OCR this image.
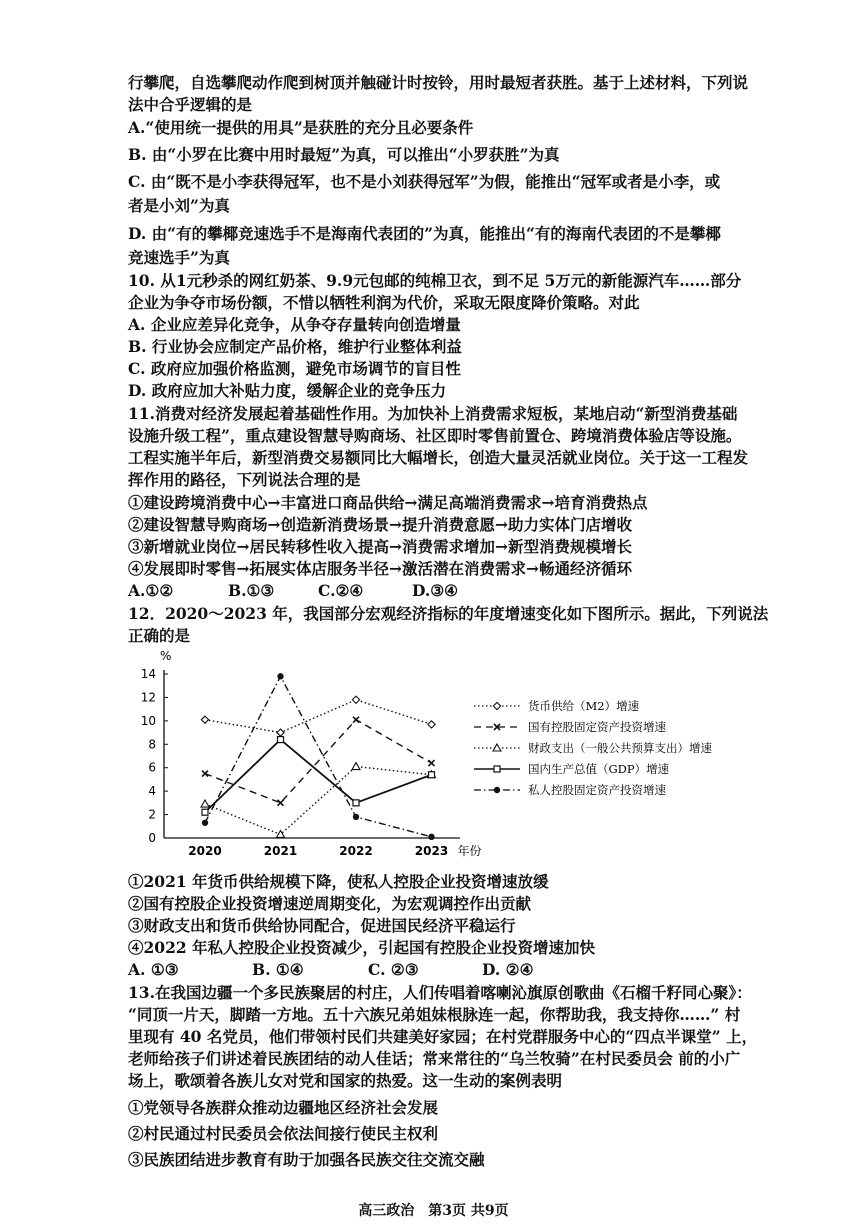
行攀爬，自选攀爬动作爬到树顶并触碰计时按铃，用时最短者获胜。基于上述材料，下列说
法中合乎逻辑的是
A.“使用统一提供的用具”是获胜的充分且必要条件
B. 由“小罗在比赛中用时最短”为真，可以推出“小罗获胜”为真
C. 由“既不是小李获得冠军，也不是小刘获得冠军”为假，能推出“冠军或者是小李，或
者是小刘”为真
D. 由“有的攀椰竞速选手不是海南代表团的”为真，能推出“有的海南代表团的不是攀椰
竞速选手”为真
10. 从1元秒杀的网红奶茶、9.9元包邮的纯棉卫衣，到不足 5万元的新能源汽车……部分
企业为争夺市场份额，不惜以牺牲利润为代价，采取无限度降价策略。对此
A. 企业应差异化竞争，从争夺存量转向创造增量
B. 行业协会应制定产品价格，维护行业整体利益
C. 政府应加强价格监测，避免市场调节的盲目性
D. 政府应加大补贴力度，缓解企业的竞争压力
11.消费对经济发展起着基础性作用。为加快补上消费需求短板，某地启动“新型消费基础
设施升级工程”，重点建设智慧导购商场、社区即时零售前置仓、跨境消费体验店等设施。
工程实施半年后，新型消费交易额同比大幅增长，创造大量灵活就业岗位。关于这一工程发
挥作用的路径，下列说法合理的是
①建设跨境消费中心→丰富进口商品供给→满足高端消费需求→培育消费热点
②建设智慧导购商场→创造新消费场景→提升消费意愿→助力实体门店增收
③新增就业岗位→居民转移性收入提高→消费需求增加→新型消费规模增长
④发展即时零售→拓展实体店服务半径→激活潜在消费需求→畅通经济循环
A.①②	B.①③	C.②④	D.③④
12．2020～2023 年，我国部分宏观经济指标的年度增速变化如下图所示。据此，下列说法
正确的是
%
0
2
4
6
8
10
12
14
2020	2021	2022	2023 年份
货币供给（M2）增速
国有控股固定资产投资增速
财政支出（一般公共预算支出）增速
国内生产总值（GDP）增速
私人控股固定资产投资增速
①2021 年货币供给规模下降，使私人控股企业投资增速放缓
②国有控股企业投资增速逆周期变化，为宏观调控作出贡献
③财政支出和货币供给协同配合，促进国民经济平稳运行
④2022 年私人控股企业投资减少，引起国有控股企业投资增速加快
A. ①③	B. ①④	C. ②③	D. ②④
13.在我国边疆一个多民族聚居的村庄，人们传唱着喀喇沁旗原创歌曲《石榴千籽同心聚》：
“同顶一片天，脚踏一方地。五十六族兄弟姐妹根脉连一起，你帮助我，我支持你……” 村
里现有 40 名党员，他们带领村民们共建美好家园；在村党群服务中心的“四点半课堂” 上，
老师给孩子们讲述着民族团结的动人佳话；常来常往的“乌兰牧骑”在村民委员会 前的小广
场上，歌颂着各族儿女对党和国家的热爱。这一生动的案例表明
①党领导各族群众推动边疆地区经济社会发展
②村民通过村民委员会依法间接行使民主权利
③民族团结进步教育有助于加强各民族交往交流交融
高三政治　第3页 共9页
